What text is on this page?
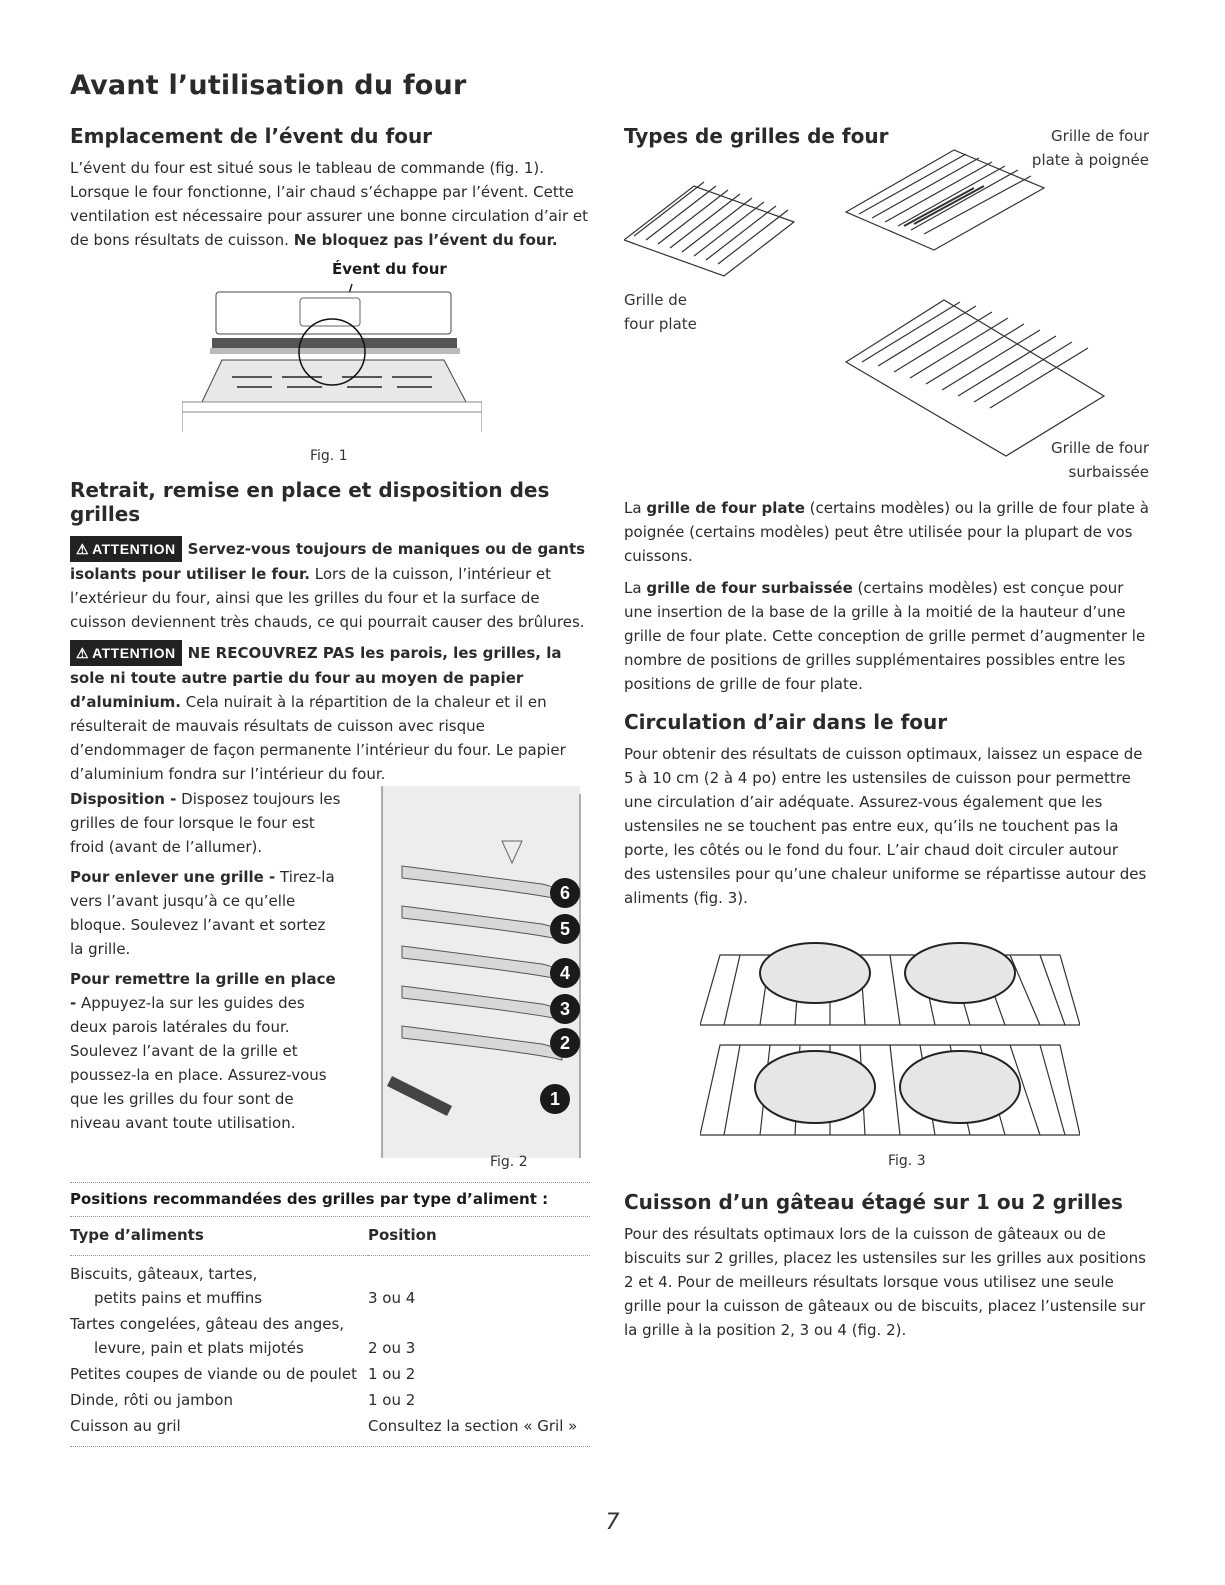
Avant l’utilisation du four
Emplacement de l’évent du four

L’évent du four est situé sous le tableau de commande (fig. 1). Lorsque le four fonctionne, l’air chaud s’échappe par l’évent. Cette ventilation est nécessaire pour assurer une bonne circulation d’air et de bons résultats de cuisson. Ne bloquez pas l’évent du four.

Évent du four
Fig. 1
Retrait, remise en place et disposition des grilles

⚠ ATTENTION Servez-vous toujours de maniques ou de gants isolants pour utiliser le four. Lors de la cuisson, l’intérieur et l’extérieur du four, ainsi que les grilles du four et la surface de cuisson deviennent très chauds, ce qui pourrait causer des brûlures.

⚠ ATTENTION NE RECOUVREZ PAS les parois, les grilles, la sole ni toute autre partie du four au moyen de papier d’aluminium. Cela nuirait à la répartition de la chaleur et il en résulterait de mauvais résultats de cuisson avec risque d’endommager de façon permanente l’intérieur du four. Le papier d’aluminium fondra sur l’intérieur du four.

Disposition - Disposez toujours les grilles de four lorsque le four est froid (avant de l’allumer).

Pour enlever une grille - Tirez-la vers l’avant jusqu’à ce qu’elle bloque. Soulevez l’avant et sortez la grille.

Pour remettre la grille en place - Appuyez-la sur les guides des deux parois latérales du four. Soulevez l’avant de la grille et poussez-la en place. Assurez-vous que les grilles du four sont de niveau avant toute utilisation.

6
5
4
3
2
1
Fig. 2
Positions recommandées des grilles par type d’aliment :
Type d’aliments	Position

Biscuits, gâteaux, tartes,
petits pains et muffins	3 ou 4

Tartes congelées, gâteau des anges,
levure, pain et plats mijotés	2 ou 3
Petites coupes de viande ou de poulet	1 ou 2
Dinde, rôti ou jambon	1 ou 2
Cuisson au gril	Consultez la section « Gril »
Types de grilles de four	Grille de four plate à poignée
Grille de four plate
Grille de four surbaissée

La grille de four plate (certains modèles) ou la grille de four plate à poignée (certains modèles) peut être utilisée pour la plupart de vos cuissons.

La grille de four surbaissée (certains modèles) est conçue pour une insertion de la base de la grille à la moitié de la hauteur d’une grille de four plate. Cette conception de grille permet d’augmenter le nombre de positions de grilles supplémentaires possibles entre les positions de grille de four plate.

Circulation d’air dans le four

Pour obtenir des résultats de cuisson optimaux, laissez un espace de 5 à 10 cm (2 à 4 po) entre les ustensiles de cuisson pour permettre une circulation d’air adéquate. Assurez-vous également que les ustensiles ne se touchent pas entre eux, qu’ils ne touchent pas la porte, les côtés ou le fond du four. L’air chaud doit circuler autour des ustensiles pour qu’une chaleur uniforme se répartisse autour des aliments (fig. 3).

Fig. 3
Cuisson d’un gâteau étagé sur 1 ou 2 grilles

Pour des résultats optimaux lors de la cuisson de gâteaux ou de biscuits sur 2 grilles, placez les ustensiles sur les grilles aux positions 2 et 4. Pour de meilleurs résultats lorsque vous utilisez une seule grille pour la cuisson de gâteaux ou de biscuits, placez l’ustensile sur la grille à la position 2, 3 ou 4 (fig. 2).

7
